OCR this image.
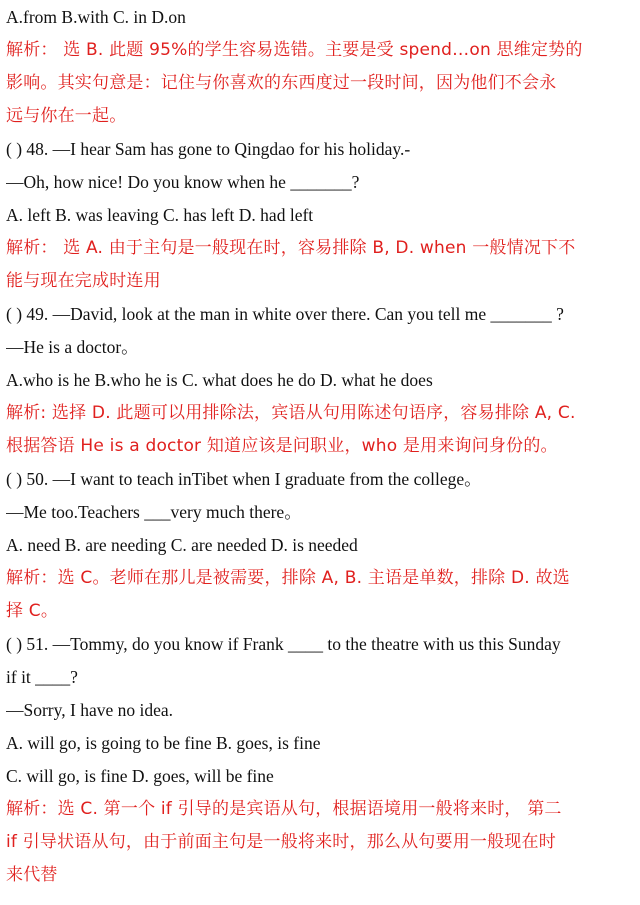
A.from B.with C. in D.on
解析： 选 B. 此题 95%的学生容易选错。主要是受 spend…on 思维定势的
影响。其实句意是：记住与你喜欢的东西度过一段时间，因为他们不会永
远与你在一起。
( ) 48. —I hear Sam has gone to Qingdao for his holiday.-
—Oh, how nice! Do you know when he _______?
A. left B. was leaving C. has left D. had left
解析： 选 A. 由于主句是一般现在时，容易排除 B, D. when 一般情况下不
能与现在完成时连用
( ) 49. —David, look at the man in white over there. Can you tell me _______ ?
—He is a doctor。
A.who is he B.who he is C. what does he do D. what he does
解析: 选择 D. 此题可以用排除法，宾语从句用陈述句语序，容易排除 A, C.
根据答语 He is a doctor 知道应该是问职业，who 是用来询问身份的。
( ) 50. —I want to teach inTibet when I graduate from the college。
—Me too.Teachers ___very much there。
A. need B. are needing C. are needed D. is needed
解析：选 C。老师在那儿是被需要，排除 A, B. 主语是单数，排除 D. 故选
择 C。
( ) 51. —Tommy, do you know if Frank ____ to the theatre with us this Sunday
if it ____?
—Sorry, I have no idea.
A. will go, is going to be fine B. goes, is fine
C. will go, is fine D. goes, will be fine
解析：选 C. 第一个 if 引导的是宾语从句，根据语境用一般将来时， 第二
if 引导状语从句，由于前面主句是一般将来时，那么从句要用一般现在时
来代替
